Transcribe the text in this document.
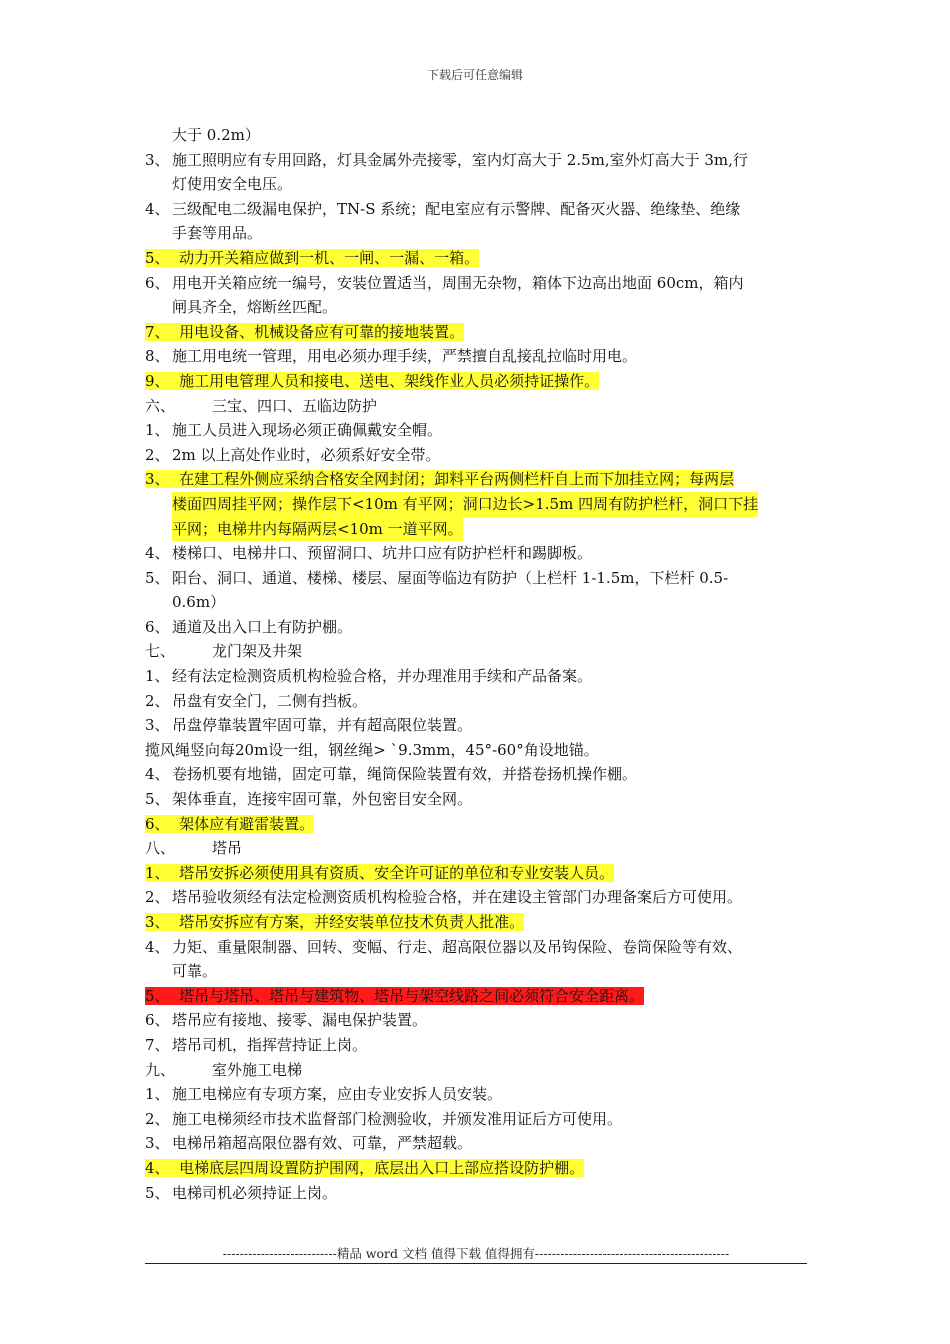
下载后可任意编辑
大于 0.2m）
3、 施工照明应有专用回路，灯具金属外壳接零，室内灯高大于 2.5m,室外灯高大于 3m,行
灯使用安全电压。
4、 三级配电二级漏电保护，TN-S 系统；配电室应有示警牌、配备灭火器、绝缘垫、绝缘
手套等用品。
5、 动力开关箱应做到一机、一闸、一漏、一箱。
6、 用电开关箱应统一编号，安装位置适当，周围无杂物，箱体下边高出地面 60cm，箱内
闸具齐全，熔断丝匹配。
7、 用电设备、机械设备应有可靠的接地装置。
8、 施工用电统一管理，用电必须办理手续，严禁擅自乱接乱拉临时用电。
9、 施工用电管理人员和接电、送电、架线作业人员必须持证操作。
六、 三宝、四口、五临边防护
1、 施工人员进入现场必须正确佩戴安全帽。
2、 2m 以上高处作业时，必须系好安全带。
3、 在建工程外侧应采纳合格安全网封闭；卸料平台两侧栏杆自上而下加挂立网；每两层
楼面四周挂平网；操作层下<10m 有平网；洞口边长>1.5m 四周有防护栏杆，洞口下挂
平网；电梯井内每隔两层<10m 一道平网。
4、 楼梯口、电梯井口、预留洞口、坑井口应有防护栏杆和踢脚板。
5、 阳台、洞口、通道、楼梯、楼层、屋面等临边有防护（上栏杆 1-1.5m，下栏杆 0.5-
0.6m）
6、 通道及出入口上有防护棚。
七、 龙门架及井架
1、 经有法定检测资质机构检验合格，并办理准用手续和产品备案。
2、 吊盘有安全门，二侧有挡板。
3、 吊盘停靠装置牢固可靠，并有超高限位装置。
揽风绳竖向每20m设一组，钢丝绳> `9.3mm，45°-60°角设地锚。
4、 卷扬机要有地锚，固定可靠，绳筒保险装置有效，并搭卷扬机操作棚。
5、 架体垂直，连接牢固可靠，外包密目安全网。
6、 架体应有避雷装置。
八、 塔吊
1、 塔吊安拆必须使用具有资质、安全许可证的单位和专业安装人员。
2、 塔吊验收须经有法定检测资质机构检验合格，并在建设主管部门办理备案后方可使用。
3、 塔吊安拆应有方案，并经安装单位技术负责人批准。
4、 力矩、重量限制器、回转、变幅、行走、超高限位器以及吊钩保险、卷筒保险等有效、
可靠。
5、 塔吊与塔吊、塔吊与建筑物、塔吊与架空线路之间必须符合安全距离。
6、 塔吊应有接地、接零、漏电保护装置。
7、 塔吊司机，指挥营持证上岗。
九、 室外施工电梯
1、 施工电梯应有专项方案，应由专业安拆人员安装。
2、 施工电梯须经市技术监督部门检测验收，并颁发准用证后方可使用。
3、 电梯吊箱超高限位器有效、可靠，严禁超载。
4、 电梯底层四周设置防护围网，底层出入口上部应搭设防护棚。
5、 电梯司机必须持证上岗。
---------------------------精品 word 文档 值得下载 值得拥有----------------------------------------------
